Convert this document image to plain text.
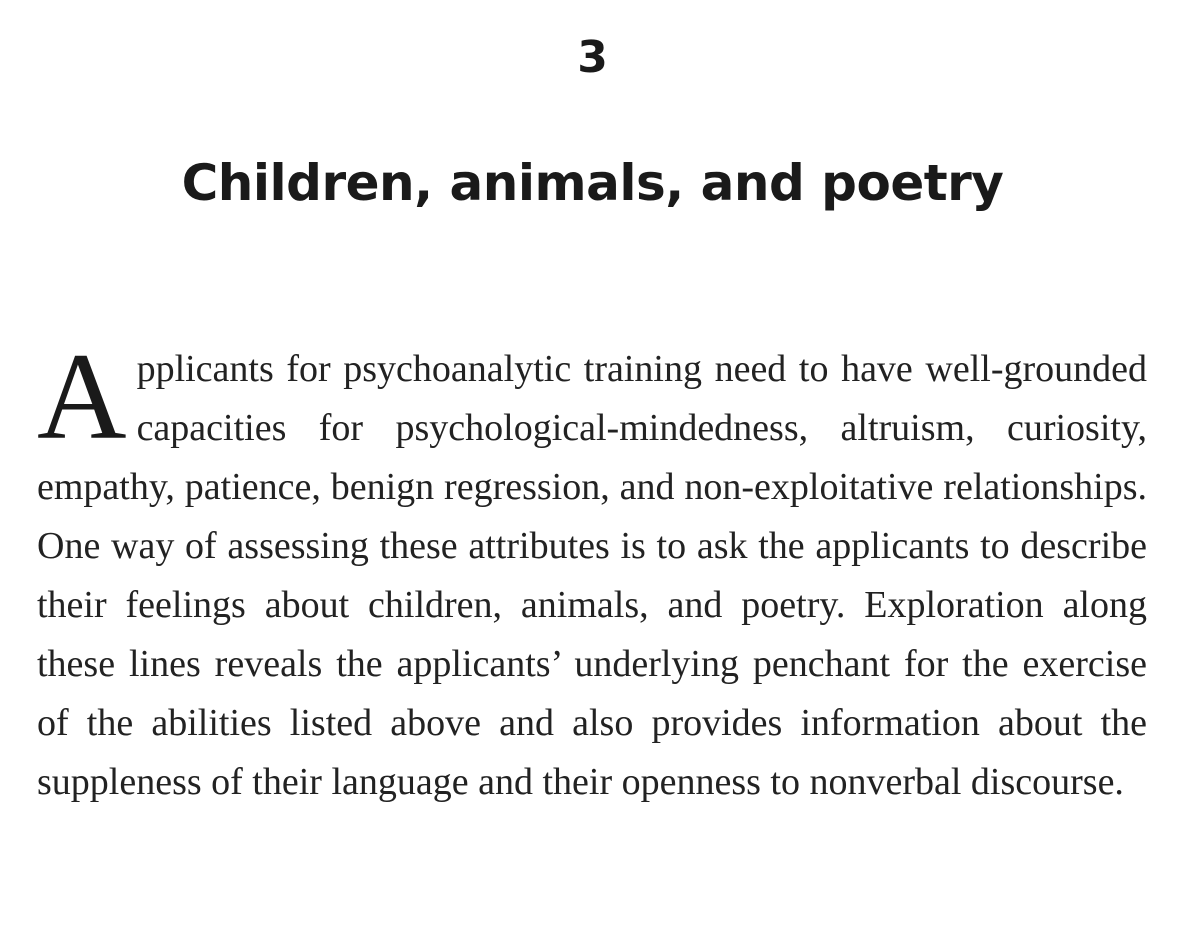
3
Children, animals, and poetry

Applicants for psychoanalytic training need to have well-grounded capacities for psychological-mindedness, altruism, curiosity, empathy, patience, benign regression, and non-exploitative relationships. One way of assessing these attributes is to ask the applicants to describe their feelings about children, animals, and poetry. Exploration along these lines reveals the applicants’ underlying penchant for the exercise of the abilities listed above and also provides information about the suppleness of their language and their openness to nonverbal discourse.
